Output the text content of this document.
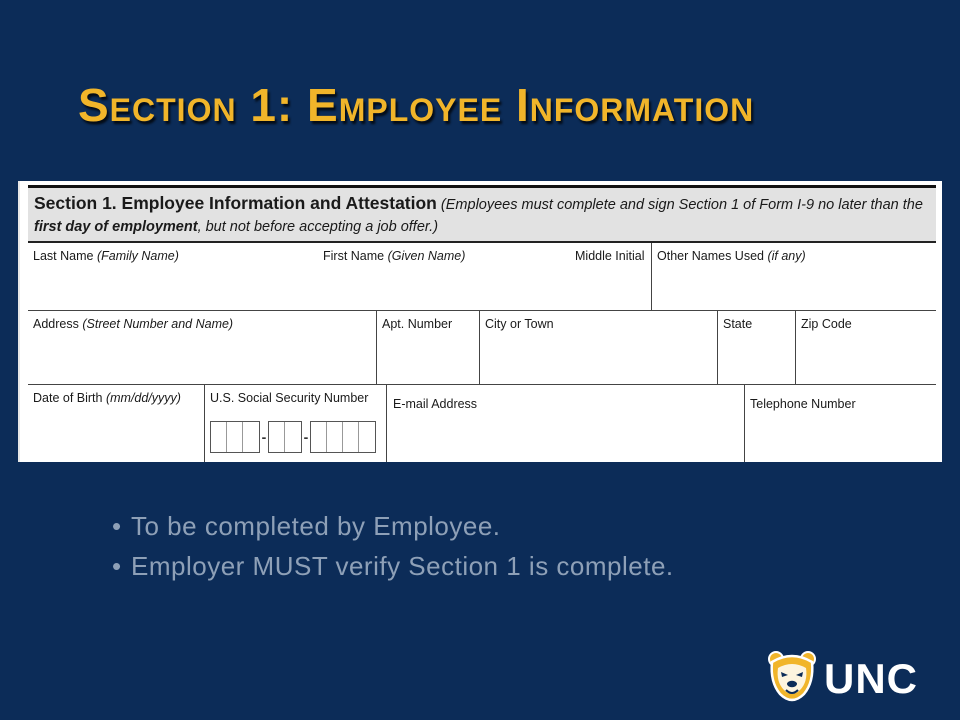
Section 1: Employee Information
Section 1. Employee Information and Attestation (Employees must complete and sign Section 1 of Form I-9 no later than the first day of employment, but not before accepting a job offer.)
Last Name (Family Name)	First Name (Given Name)	Middle Initial	Other Names Used (if any)
Address (Street Number and Name)	Apt. Number	City or Town	State	Zip Code
Date of Birth (mm/dd/yyyy)	U.S. Social Security Number	E-mail Address	Telephone Number
-	-
• To be completed by Employee.
• Employer MUST verify Section 1 is complete.
UNC
